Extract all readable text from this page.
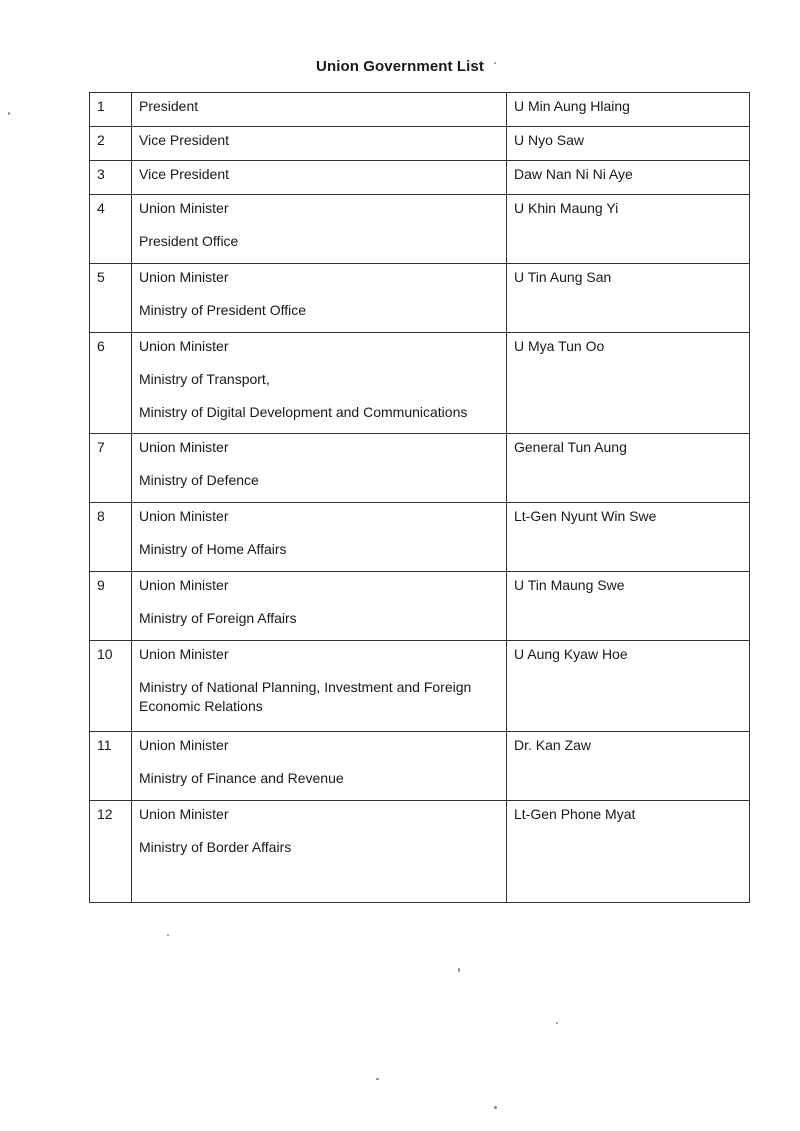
Union Government List
1	President	U Min Aung Hlaing
2	Vice President	U Nyo Saw
3	Vice President	Daw Nan Ni Ni Aye
4	Union Minister
President Office	U Khin Maung Yi
5	Union Minister
Ministry of President Office	U Tin Aung San
6	Union Minister
Ministry of Transport,
Ministry of Digital Development and Communications	U Mya Tun Oo
7	Union Minister
Ministry of Defence	General Tun Aung
8	Union Minister
Ministry of Home Affairs	Lt-Gen Nyunt Win Swe
9	Union Minister
Ministry of Foreign Affairs	U Tin Maung Swe
10	Union Minister
Ministry of National Planning, Investment and Foreign
Economic Relations	U Aung Kyaw Hoe
11	Union Minister
Ministry of Finance and Revenue	Dr. Kan Zaw
12	Union Minister
Ministry of Border Affairs	Lt-Gen Phone Myat
